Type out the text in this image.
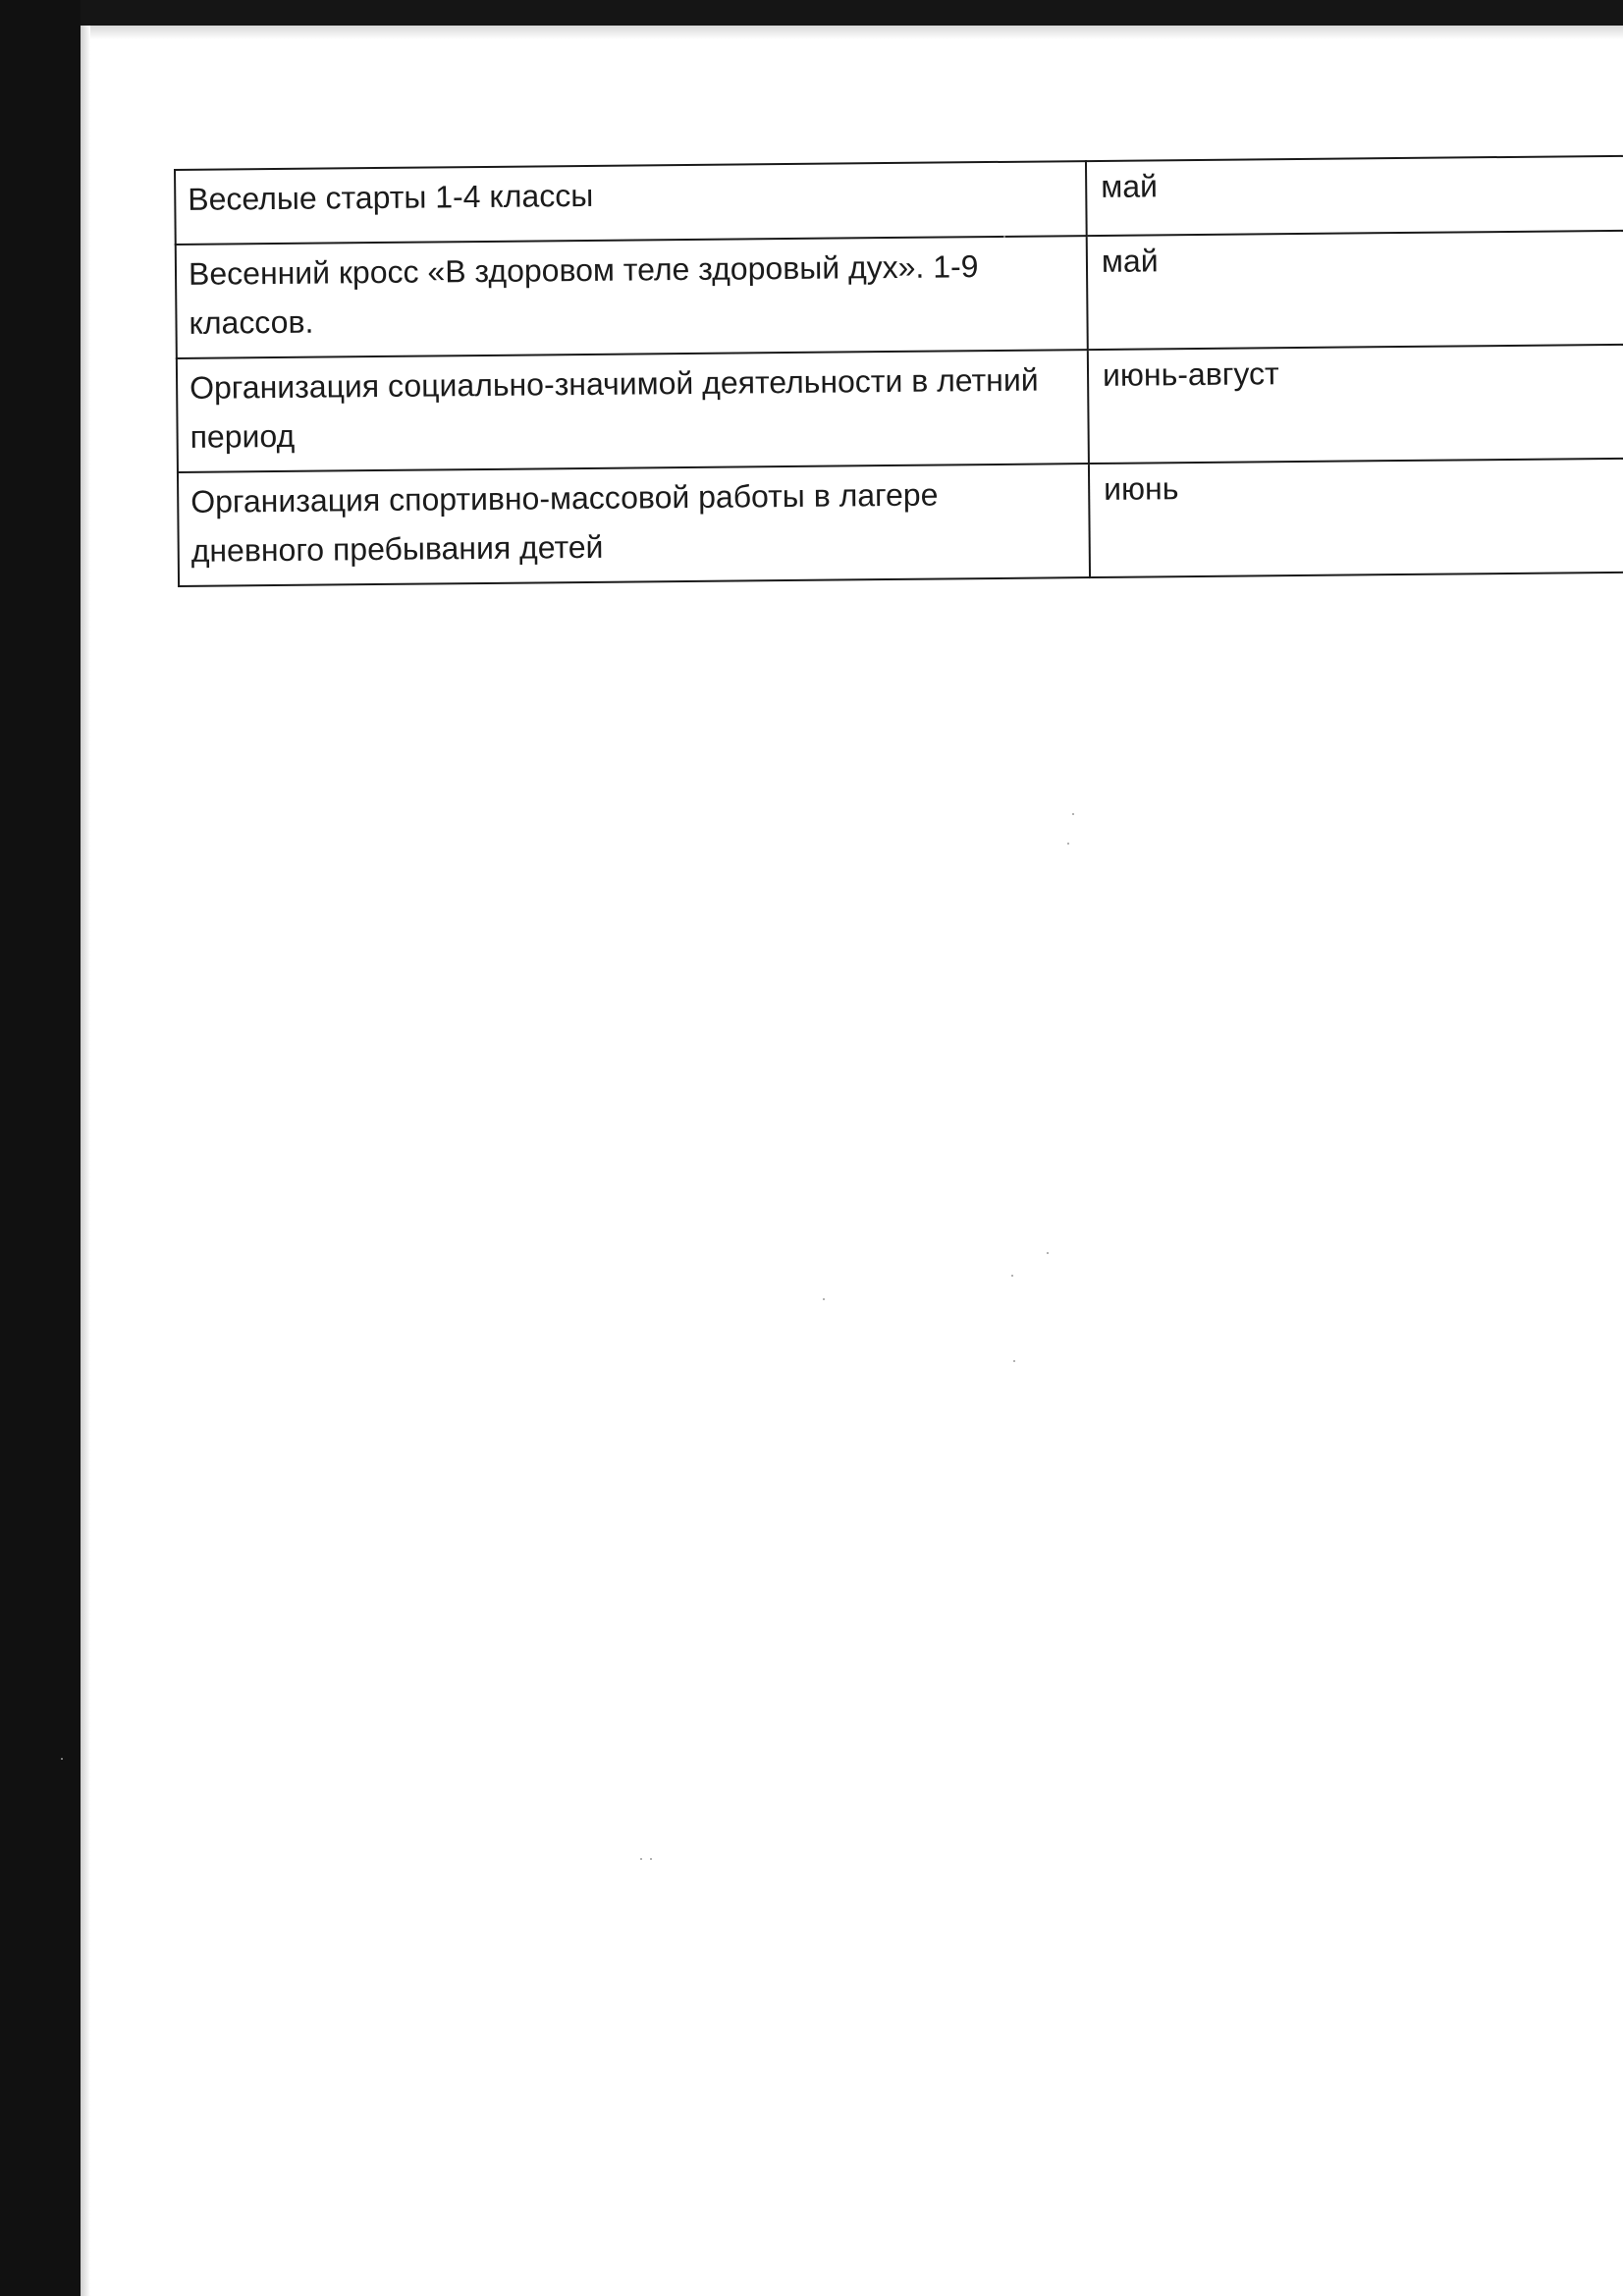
Веселые старты 1-4 классы	май
Весенний кросс «В здоровом теле здоровый дух». 1-9 классов.	май
Организация социально-значимой деятельности в летний период	июнь-август
Организация спортивно-массовой работы в лагере дневного пребывания детей	июнь
